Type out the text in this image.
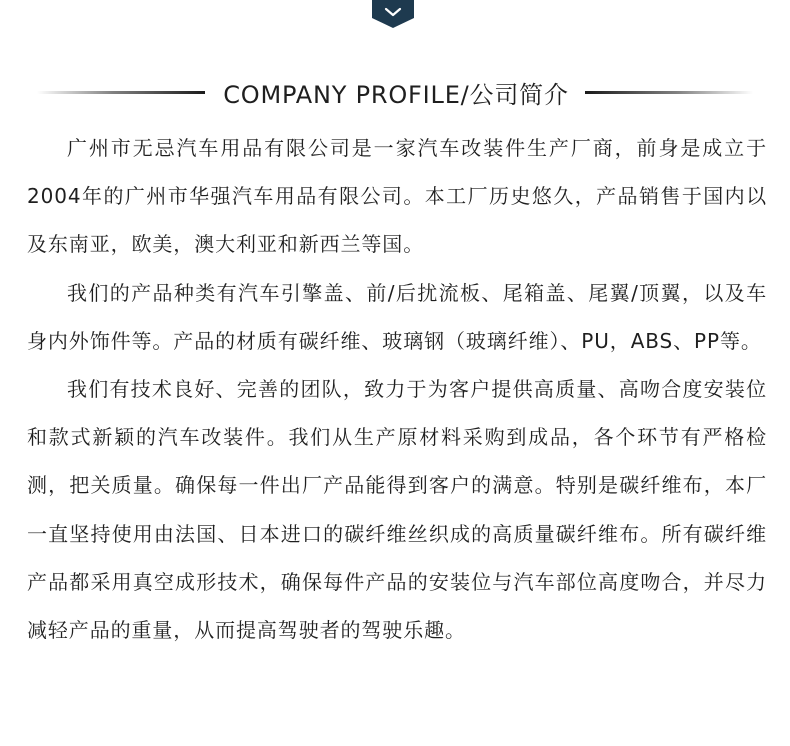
COMPANY PROFILE/公司简介

广州市无忌汽车用品有限公司是一家汽车改装件生产厂商，前身是成立于2004年的广州市华强汽车用品有限公司。本工厂历史悠久，产品销售于国内以及东南亚，欧美，澳大利亚和新西兰等国。

我们的产品种类有汽车引擎盖、前/后扰流板、尾箱盖、尾翼/顶翼，以及车身内外饰件等。产品的材质有碳纤维、玻璃钢（玻璃纤维）、PU，ABS、PP等。

我们有技术良好、完善的团队，致力于为客户提供高质量、高吻合度安装位和款式新颖的汽车改装件。我们从生产原材料采购到成品，各个环节有严格检测，把关质量。确保每一件出厂产品能得到客户的满意。特别是碳纤维布，本厂一直坚持使用由法国、日本进口的碳纤维丝织成的高质量碳纤维布。所有碳纤维产品都采用真空成形技术，确保每件产品的安装位与汽车部位高度吻合，并尽力减轻产品的重量，从而提高驾驶者的驾驶乐趣。
